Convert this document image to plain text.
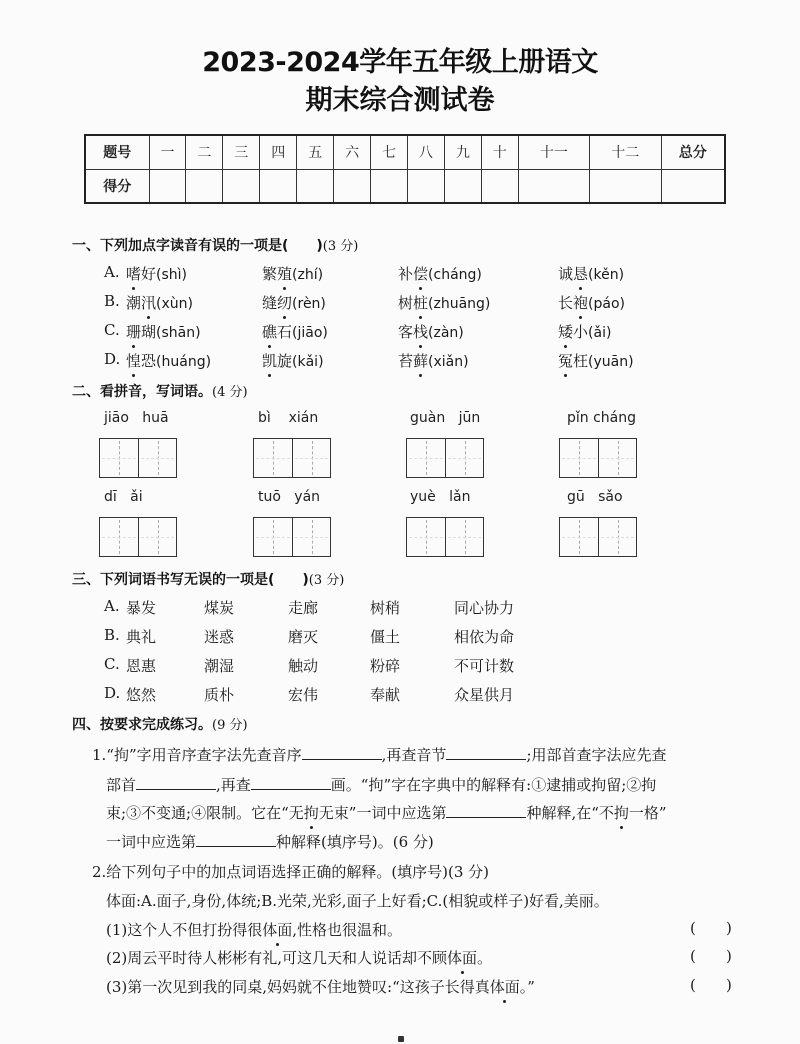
2023-2024学年五年级上册语文
期末综合测试卷
题号	一	二	三	四	五	六	七	八	九	十	十一	十二	总分
得分													
一、下列加点字读音有误的一项是(　　)(3 分)
A. 嗜好(shì)	繁殖(zhí)	补偿(cháng)	诚恳(kěn)
B. 潮汛(xùn)	缝纫(rèn)	树桩(zhuāng)	长袍(páo)
C. 珊瑚(shān)	礁石(jiāo)	客栈(zàn)	矮小(ǎi)
D. 惶恐(huáng)	凯旋(kǎi)	苔藓(xiǎn)	冤枉(yuān)
二、看拼音，写词语。(4 分)
jiāo huā	bì xián	guàn jūn	pǐn cháng
dī ǎi	tuō yán	yuè lǎn	gū sǎo
三、下列词语书写无误的一项是(　　)(3 分)
A. 暴发	煤炭	走廊	树稍	同心协力
B. 典礼	迷惑	磨灭	僵土	相依为命
C. 恩惠	潮湿	触动	粉碎	不可计数
D. 悠然	质朴	宏伟	奉献	众星供月
四、按要求完成练习。(9 分)
1.“拘”字用音序查字法先查音序	,再查音节	;用部首查字法应先查
部首	,再查	画。“拘”字在字典中的解释有:①逮捕或拘留;②拘
束;③不变通;④限制。它在“无拘无束”一词中应选第	种解释,在“不拘一格”
一词中应选第	种解释(填序号)。(6 分)
2.给下列句子中的加点词语选择正确的解释。(填序号)(3 分)
体面:A.面子,身份,体统;B.光荣,光彩,面子上好看;C.(相貌或样子)好看,美丽。
(1)这个人不但打扮得很体面,性格也很温和。	( )
(2)周云平时待人彬彬有礼,可这几天和人说话却不顾体面。	( )
(3)第一次见到我的同桌,妈妈就不住地赞叹:“这孩子长得真体面。”	( )
